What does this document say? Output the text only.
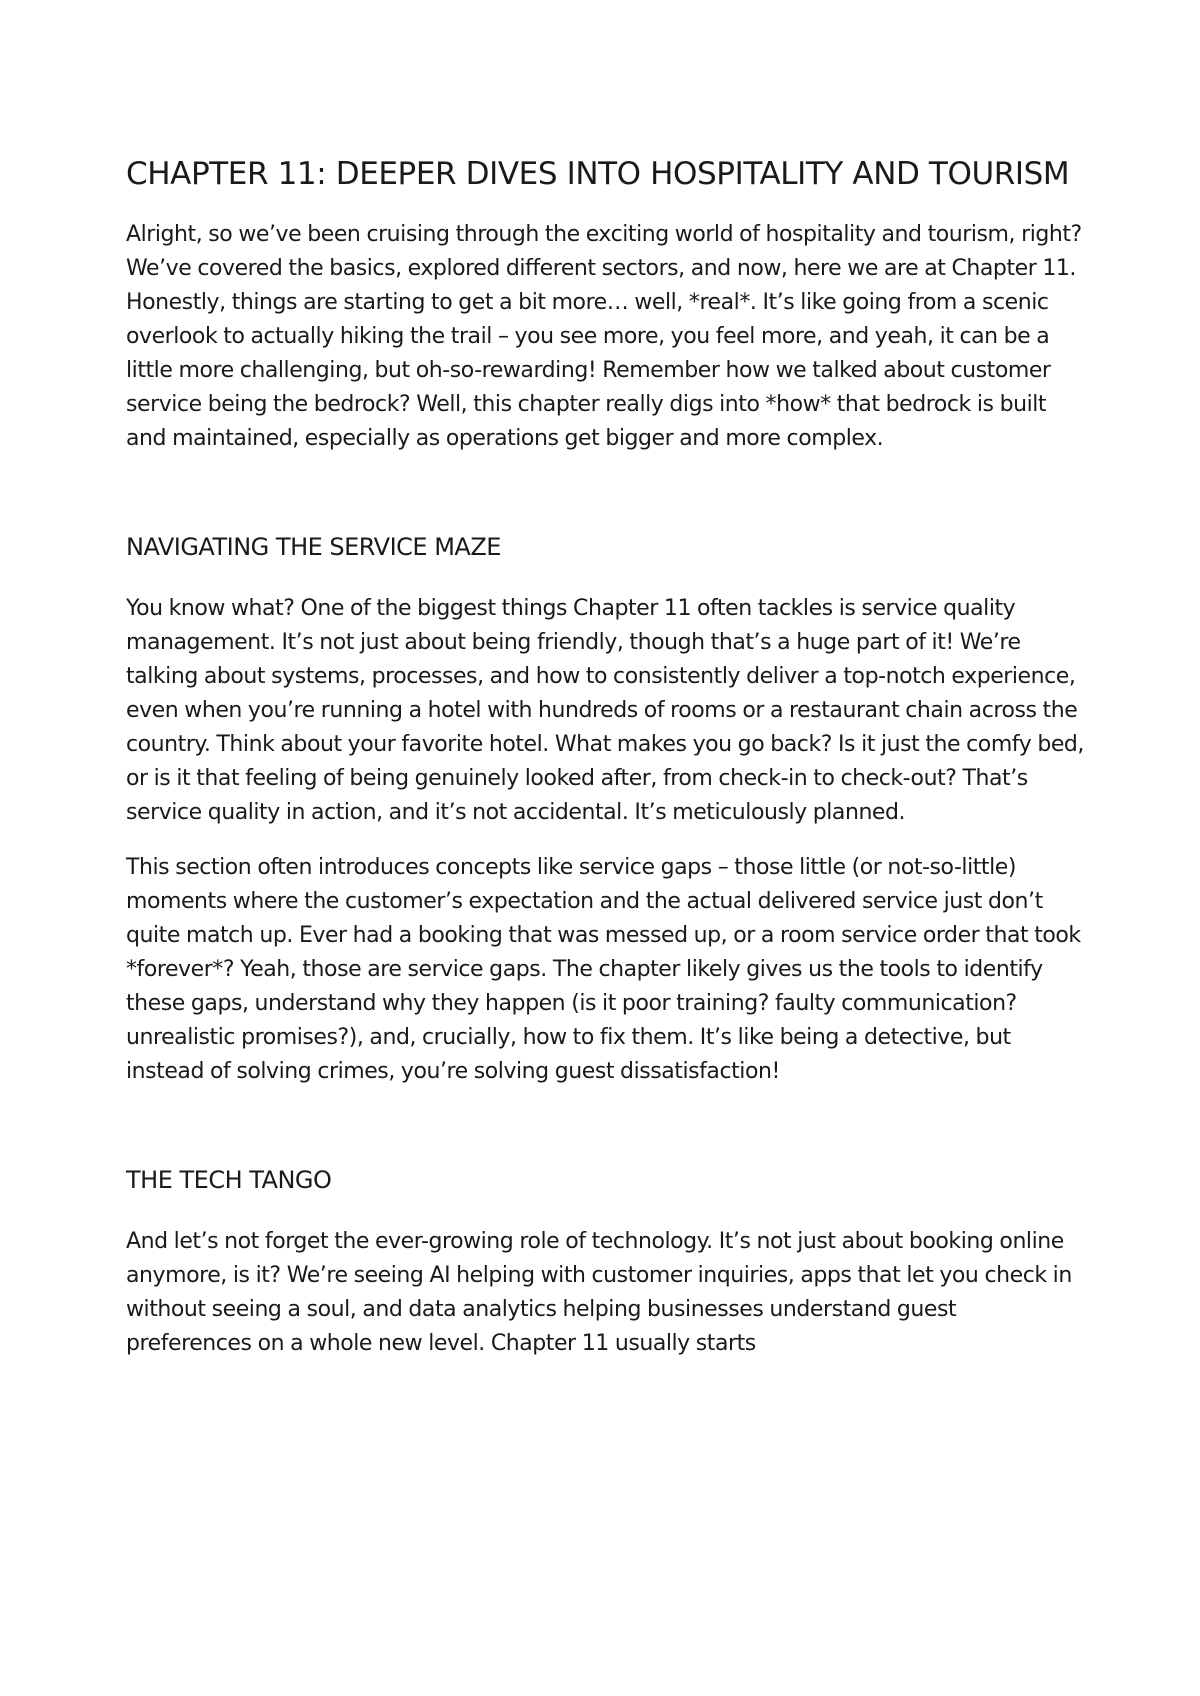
CHAPTER 11: DEEPER DIVES INTO HOSPITALITY AND TOURISM

Alright, so we’ve been cruising through the exciting world of hospitality and tourism, right? We’ve covered the basics, explored different sectors, and now, here we are at Chapter 11. Honestly, things are starting to get a bit more… well, *real*. It’s like going from a scenic overlook to actually hiking the trail – you see more, you feel more, and yeah, it can be a little more challenging, but oh-so-rewarding! Remember how we talked about customer service being the bedrock? Well, this chapter really digs into *how* that bedrock is built and maintained, especially as operations get bigger and more complex.

NAVIGATING THE SERVICE MAZE

You know what? One of the biggest things Chapter 11 often tackles is service quality management. It’s not just about being friendly, though that’s a huge part of it! We’re talking about systems, processes, and how to consistently deliver a top-notch experience, even when you’re running a hotel with hundreds of rooms or a restaurant chain across the country. Think about your favorite hotel. What makes you go back? Is it just the comfy bed, or is it that feeling of being genuinely looked after, from check-in to check-out? That’s service quality in action, and it’s not accidental. It’s meticulously planned.

This section often introduces concepts like service gaps – those little (or not-so-little) moments where the customer’s expectation and the actual delivered service just don’t quite match up. Ever had a booking that was messed up, or a room service order that took *forever*? Yeah, those are service gaps. The chapter likely gives us the tools to identify these gaps, understand why they happen (is it poor training? faulty communication? unrealistic promises?), and, crucially, how to fix them. It’s like being a detective, but instead of solving crimes, you’re solving guest dissatisfaction!

THE TECH TANGO

And let’s not forget the ever-growing role of technology. It’s not just about booking online anymore, is it? We’re seeing AI helping with customer inquiries, apps that let you check in without seeing a soul, and data analytics helping businesses understand guest preferences on a whole new level. Chapter 11 usually starts
